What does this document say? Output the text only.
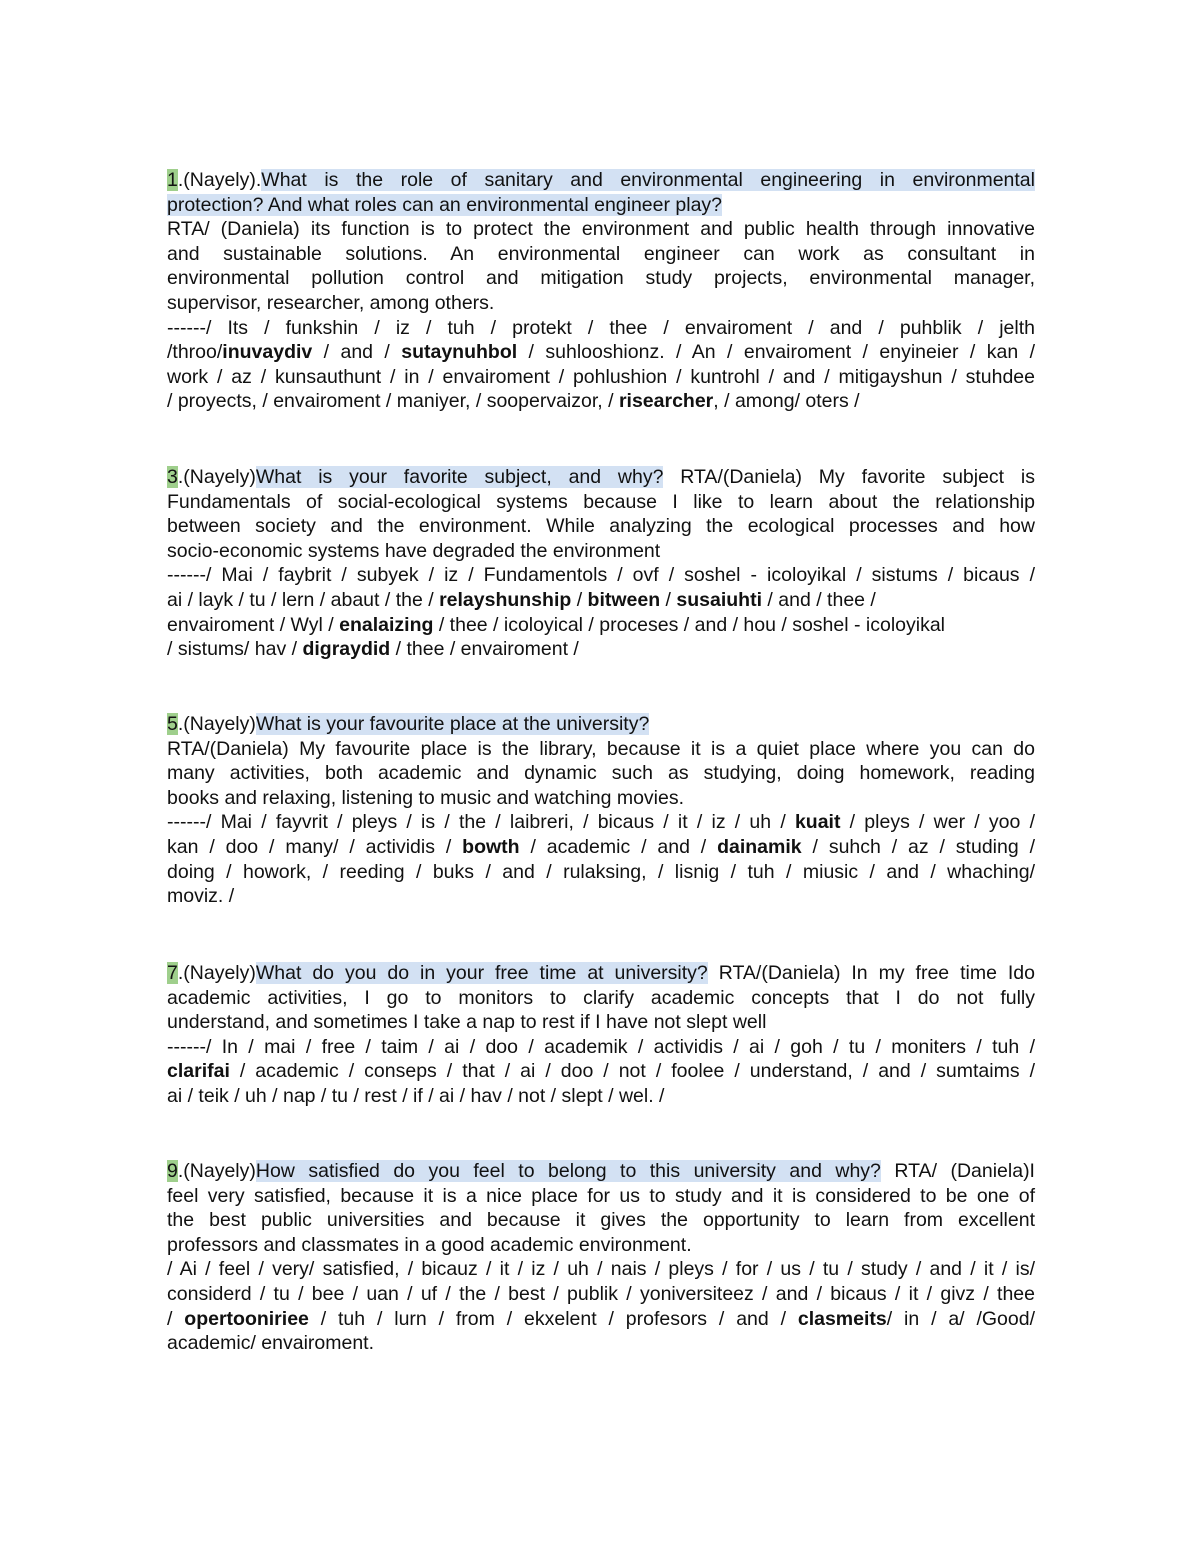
1.(Nayely).What is the role of sanitary and environmental engineering in environmental
protection? And what roles can an environmental engineer play?
RTA/ (Daniela) its function is to protect the environment and public health through innovative
and sustainable solutions. An environmental engineer can work as consultant in
environmental pollution control and mitigation study projects, environmental manager,
supervisor, researcher, among others.
------/ Its / funkshin / iz / tuh / protekt / thee / envairoment / and / puhblik / jelth
/throo/inuvaydiv / and / sutaynuhbol / suhlooshionz. / An / envairoment / enyineier / kan /
work / az / kunsauthunt / in / envairoment / pohlushion / kuntrohl / and / mitigayshun / stuhdee
/ proyects, / envairoment / maniyer, / soopervaizor, / risearcher, / among/ oters /
3.(Nayely)What is your favorite subject, and why? RTA/(Daniela) My favorite subject is
Fundamentals of social-ecological systems because I like to learn about the relationship
between society and the environment. While analyzing the ecological processes and how
socio-economic systems have degraded the environment
------/ Mai / faybrit / subyek / iz / Fundamentols / ovf / soshel - icoloyikal / sistums / bicaus /
ai / layk / tu / lern / abaut / the / relayshunship / bitween / susaiuhti / and / thee /
envairoment / Wyl / enalaizing / thee / icoloyical / proceses / and / hou / soshel - icoloyikal
/ sistums/ hav / digraydid / thee / envairoment /
5.(Nayely)What is your favourite place at the university?
RTA/(Daniela) My favourite place is the library, because it is a quiet place where you can do
many activities, both academic and dynamic such as studying, doing homework, reading
books and relaxing, listening to music and watching movies.
------/ Mai / fayvrit / pleys / is / the / laibreri, / bicaus / it / iz / uh / kuait / pleys / wer / yoo /
kan / doo / many/ / actividis / bowth / academic / and / dainamik / suhch / az / studing /
doing / howork, / reeding / buks / and / rulaksing, / lisnig / tuh / miusic / and / whaching/
moviz. /
7.(Nayely)What do you do in your free time at university? RTA/(Daniela) In my free time Ido
academic activities, I go to monitors to clarify academic concepts that I do not fully
understand, and sometimes I take a nap to rest if I have not slept well
------/ In / mai / free / taim / ai / doo / academik / actividis / ai / goh / tu / moniters / tuh /
clarifai / academic / conseps / that / ai / doo / not / foolee / understand, / and / sumtaims /
ai / teik / uh / nap / tu / rest / if / ai / hav / not / slept / wel. /
9.(Nayely)How satisfied do you feel to belong to this university and why? RTA/ (Daniela)I
feel very satisfied, because it is a nice place for us to study and it is considered to be one of
the best public universities and because it gives the opportunity to learn from excellent
professors and classmates in a good academic environment.
/ Ai / feel / very/ satisfied, / bicauz / it / iz / uh / nais / pleys / for / us / tu / study / and / it / is/
considerd / tu / bee / uan / uf / the / best / publik / yoniversiteez / and / bicaus / it / givz / thee
/ opertooniriee / tuh / lurn / from / ekxelent / profesors / and / clasmeits/ in / a/ /Good/
academic/ envairoment.
